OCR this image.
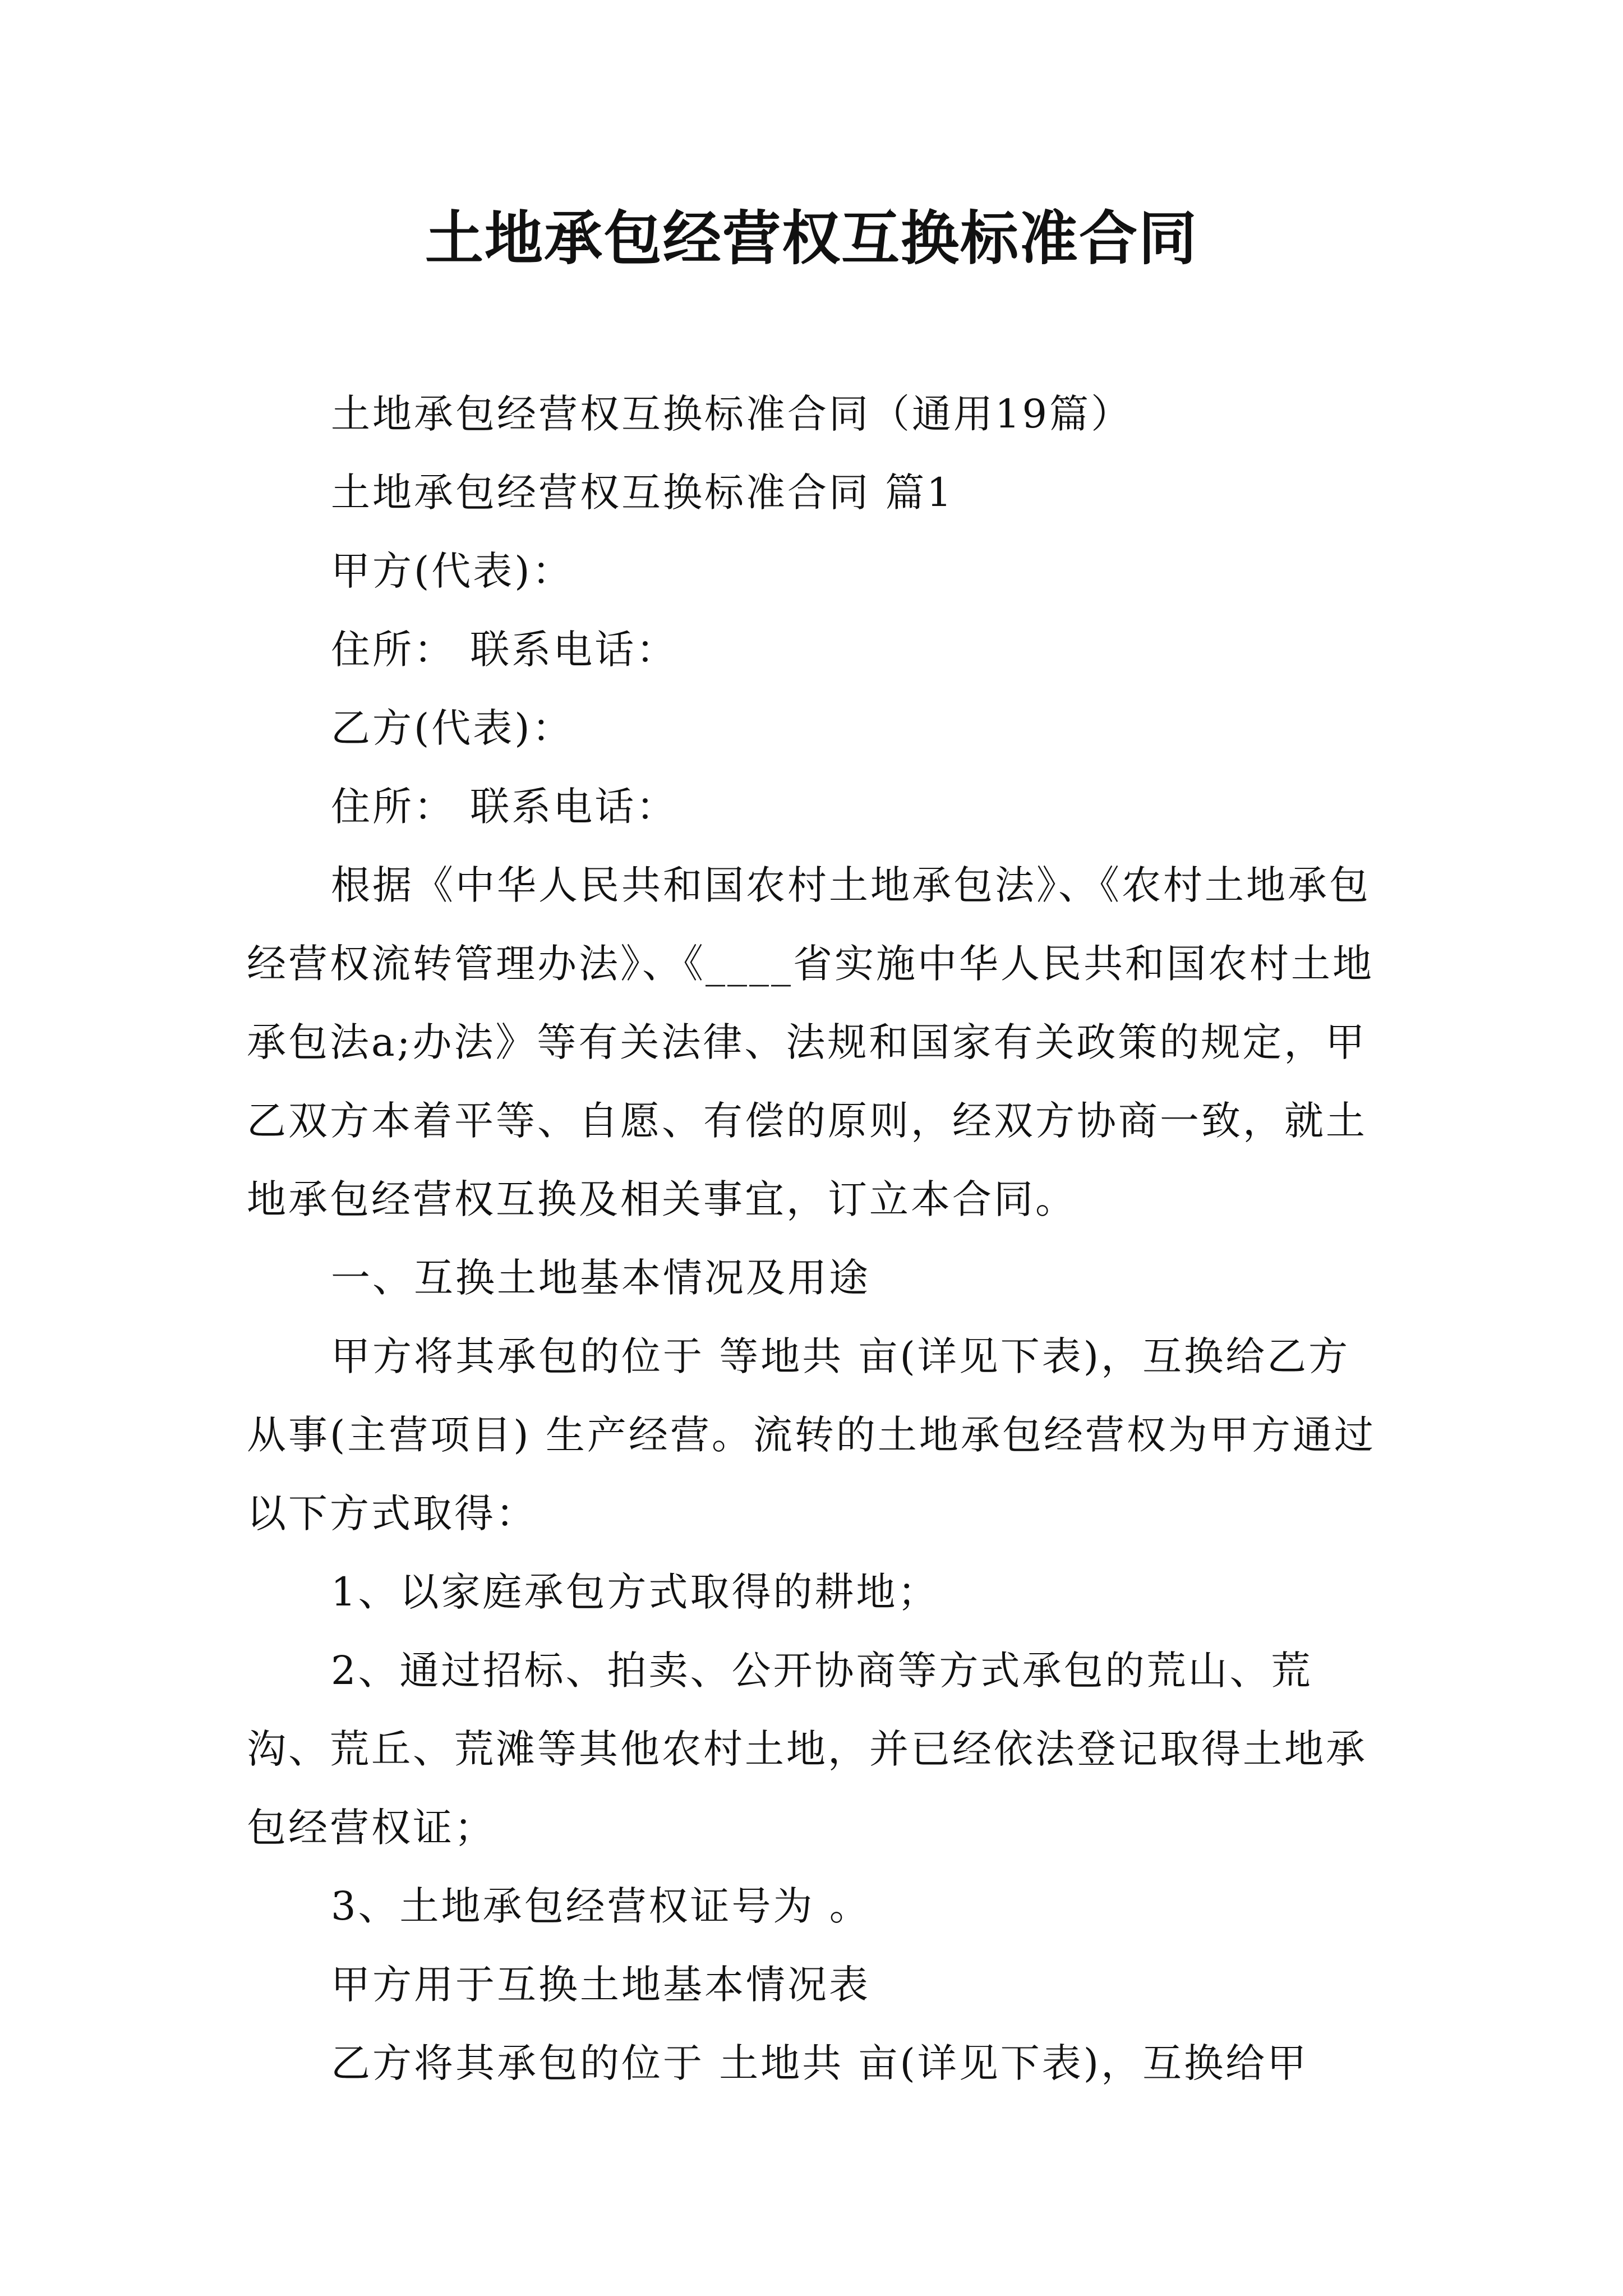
土地承包经营权互换标准合同

土地承包经营权互换标准合同（通用19篇）

土地承包经营权互换标准合同 篇1

甲方(代表)：

住所： 联系电话：

乙方(代表)：

住所： 联系电话：

根据《中华人民共和国农村土地承包法》、《农村土地承包经营权流转管理办法》、《____省实施中华人民共和国农村土地承包法a;办法》等有关法律、法规和国家有关政策的规定，甲乙双方本着平等、自愿、有偿的原则，经双方协商一致，就土地承包经营权互换及相关事宜，订立本合同。

一、互换土地基本情况及用途

甲方将其承包的位于 等地共 亩(详见下表)，互换给乙方从事(主营项目) 生产经营。流转的土地承包经营权为甲方通过以下方式取得：

1、以家庭承包方式取得的耕地；

2、通过招标、拍卖、公开协商等方式承包的荒山、荒沟、荒丘、荒滩等其他农村土地，并已经依法登记取得土地承包经营权证；

3、土地承包经营权证号为 。

甲方用于互换土地基本情况表

乙方将其承包的位于 土地共 亩(详见下表)，互换给甲
